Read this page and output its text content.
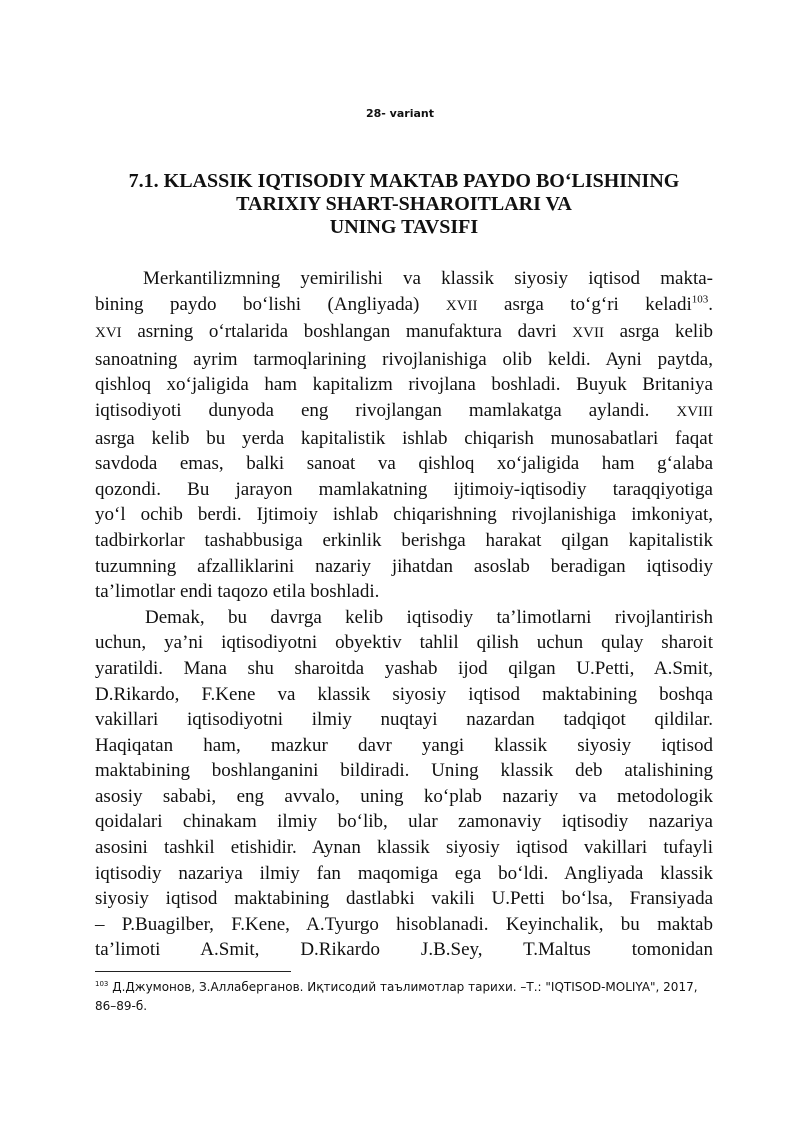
28- variant
7.1. KLASSIK IQTISODIY MAKTAB PAYDO BO‘LISHINING
TARIXIY SHART-SHAROITLARI VA
UNING TAVSIFI
Merkantilizmning yemirilishi va klassik siyosiy iqtisod makta-
bining paydo bo‘lishi (Angliyada) XVII asrga to‘g‘ri keladi$^{103}$.
XVI asrning o‘rtalarida boshlangan manufaktura davri XVII asrga kelib
sanoatning ayrim tarmoqlarining rivojlanishiga olib keldi. Ayni paytda,
qishloq xo‘jaligida ham kapitalizm rivojlana boshladi. Buyuk Britaniya
iqtisodiyoti dunyoda eng rivojlangan mamlakatga aylandi. XVIII
asrga kelib bu yerda kapitalistik ishlab chiqarish munosabatlari faqat
savdoda emas, balki sanoat va qishloq xo‘jaligida ham g‘alaba
qozondi. Bu jarayon mamlakatning ijtimoiy-iqtisodiy taraqqiyotiga
yo‘l ochib berdi. Ijtimoiy ishlab chiqarishning rivojlanishiga imkoniyat,
tadbirkorlar tashabbusiga erkinlik berishga harakat qilgan kapitalistik
tuzumning afzalliklarini nazariy jihatdan asoslab beradigan iqtisodiy
ta’limotlar endi taqozo etila boshladi.
Demak, bu davrga kelib iqtisodiy ta’limotlarni rivojlantirish
uchun, ya’ni iqtisodiyotni obyektiv tahlil qilish uchun qulay sharoit
yaratildi. Mana shu sharoitda yashab ijod qilgan U.Petti, A.Smit,
D.Rikardo, F.Kene va klassik siyosiy iqtisod maktabining boshqa
vakillari iqtisodiyotni ilmiy nuqtayi nazardan tadqiqot qildilar.
Haqiqatan ham, mazkur davr yangi klassik siyosiy iqtisod
maktabining boshlanganini bildiradi. Uning klassik deb atalishining
asosiy sababi, eng avvalo, uning ko‘plab nazariy va metodologik
qoidalari chinakam ilmiy bo‘lib, ular zamonaviy iqtisodiy nazariya
asosini tashkil etishidir. Aynan klassik siyosiy iqtisod vakillari tufayli
iqtisodiy nazariya ilmiy fan maqomiga ega bo‘ldi. Angliyada klassik
siyosiy iqtisod maktabining dastlabki vakili U.Petti bo‘lsa, Fransiyada
– P.Buagilber, F.Kene, A.Tyurgo hisoblanadi. Keyinchalik, bu maktab
ta’limoti A.Smit, D.Rikardo J.B.Sey, T.Maltus tomonidan
$^{103}$ Д.Джумонов, З.Аллаберганов. Иқтисодий таълимотлар тарихи. –Т.: "IQTISOD-MOLIYA", 2017,
86–89-б.
